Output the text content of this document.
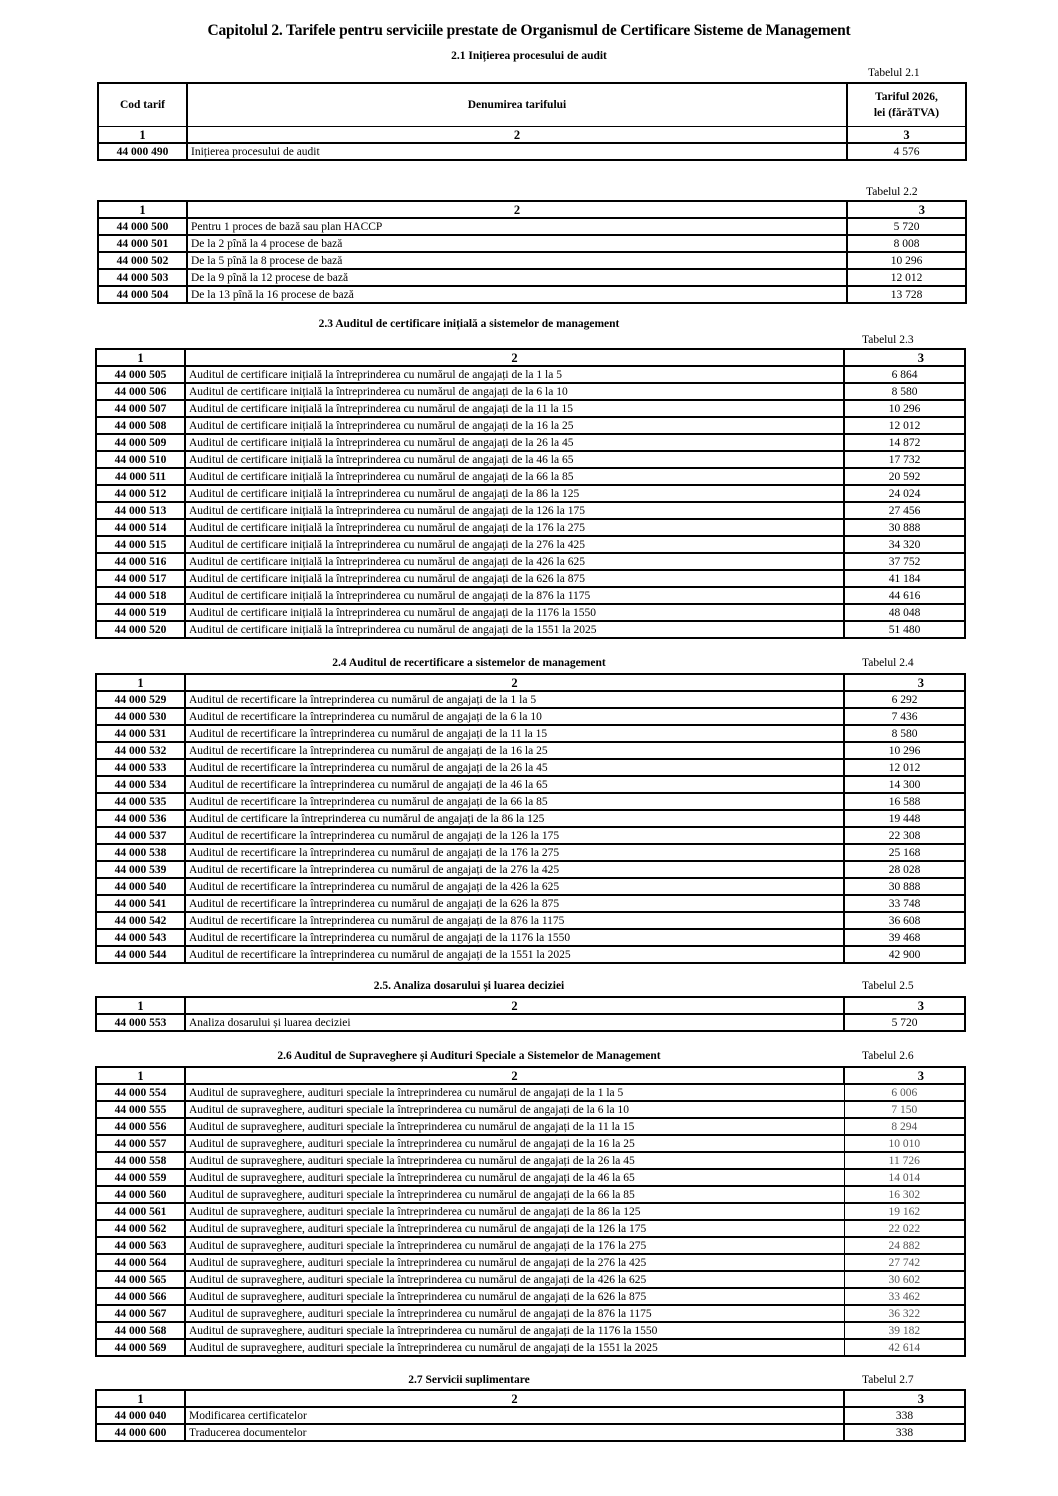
Capitolul 2. Tarifele pentru serviciile prestate de Organismul de Certificare Sisteme de Management
2.1 Inițierea procesului de audit
Tabelul 2.1
Cod tarif	Denumirea tarifului	Tariful 2026,
lei (fărăTVA)

1	2	3
44 000 490	Inițierea procesului de audit	4 576
Tabelul 2.2
1	2	3
44 000 500	Pentru 1 proces de bază sau plan HACCP	5 720
44 000 501	De la 2 pînă la 4 procese de bază	8 008
44 000 502	De la 5 pînă la 8 procese de bază	10 296
44 000 503	De la 9 pînă la 12 procese de bază	12 012
44 000 504	De la 13 pînă la 16 procese de bază	13 728
2.3 Auditul de certificare inițială a sistemelor de management
Tabelul 2.3
1	2	3
44 000 505	Auditul de certificare inițială la întreprinderea cu numărul de angajați de la 1 la 5	6 864
44 000 506	Auditul de certificare inițială la întreprinderea cu numărul de angajați de la 6 la 10	8 580
44 000 507	Auditul de certificare inițială la întreprinderea cu numărul de angajați de la 11 la 15	10 296
44 000 508	Auditul de certificare inițială la întreprinderea cu numărul de angajați de la 16 la 25	12 012
44 000 509	Auditul de certificare inițială la întreprinderea cu numărul de angajați de la 26 la 45	14 872
44 000 510	Auditul de certificare inițială la întreprinderea cu numărul de angajați de la 46 la 65	17 732
44 000 511	Auditul de certificare inițială la întreprinderea cu numărul de angajați de la 66 la 85	20 592
44 000 512	Auditul de certificare inițială la întreprinderea cu numărul de angajați de la 86 la 125	24 024
44 000 513	Auditul de certificare inițială la întreprinderea cu numărul de angajați de la 126 la 175	27 456
44 000 514	Auditul de certificare inițială la întreprinderea cu numărul de angajați de la 176 la 275	30 888
44 000 515	Auditul de certificare inițială la întreprinderea cu numărul de angajați de la 276 la 425	34 320
44 000 516	Auditul de certificare inițială la întreprinderea cu numărul de angajați de la 426 la 625	37 752
44 000 517	Auditul de certificare inițială la întreprinderea cu numărul de angajați de la 626 la 875	41 184
44 000 518	Auditul de certificare inițială la întreprinderea cu numărul de angajați de la 876 la 1175	44 616
44 000 519	Auditul de certificare inițială la întreprinderea cu numărul de angajați de la 1176 la 1550	48 048
44 000 520	Auditul de certificare inițială la întreprinderea cu numărul de angajați de la 1551 la 2025	51 480
2.4 Auditul de recertificare a sistemelor de management	Tabelul 2.4
1	2	3
44 000 529	Auditul de recertificare la întreprinderea cu numărul de angajați de la 1 la 5	6 292
44 000 530	Auditul de recertificare la întreprinderea cu numărul de angajați de la 6 la 10	7 436
44 000 531	Auditul de recertificare la întreprinderea cu numărul de angajați de la 11 la 15	8 580
44 000 532	Auditul de recertificare la întreprinderea cu numărul de angajați de la 16 la 25	10 296
44 000 533	Auditul de recertificare la întreprinderea cu numărul de angajați de la 26 la 45	12 012
44 000 534	Auditul de recertificare la întreprinderea cu numărul de angajați de la 46 la 65	14 300
44 000 535	Auditul de recertificare la întreprinderea cu numărul de angajați de la 66 la 85	16 588
44 000 536	Auditul de certificare la întreprinderea cu numărul de angajați de la 86 la 125	19 448
44 000 537	Auditul de recertificare la întreprinderea cu numărul de angajați de la 126 la 175	22 308
44 000 538	Auditul de recertificare la întreprinderea cu numărul de angajați de la 176 la 275	25 168
44 000 539	Auditul de recertificare la întreprinderea cu numărul de angajați de la 276 la 425	28 028
44 000 540	Auditul de recertificare la întreprinderea cu numărul de angajați de la 426 la 625	30 888
44 000 541	Auditul de recertificare la întreprinderea cu numărul de angajați de la 626 la 875	33 748
44 000 542	Auditul de recertificare la întreprinderea cu numărul de angajați de la 876 la 1175	36 608
44 000 543	Auditul de recertificare la întreprinderea cu numărul de angajați de la 1176 la 1550	39 468
44 000 544	Auditul de recertificare la întreprinderea cu numărul de angajați de la 1551 la 2025	42 900
2.5. Analiza dosarului și luarea deciziei	Tabelul 2.5
1	2	3
44 000 553	Analiza dosarului și luarea deciziei	5 720
2.6 Auditul de Supraveghere și Audituri Speciale a Sistemelor de Management	Tabelul 2.6
1	2	3
44 000 554	Auditul de supraveghere, audituri speciale la întreprinderea cu numărul de angajați de la 1 la 5	6 006
44 000 555	Auditul de supraveghere, audituri speciale la întreprinderea cu numărul de angajați de la 6 la 10	7 150
44 000 556	Auditul de supraveghere, audituri speciale la întreprinderea cu numărul de angajați de la 11 la 15	8 294
44 000 557	Auditul de supraveghere, audituri speciale la întreprinderea cu numărul de angajați de la 16 la 25	10 010
44 000 558	Auditul de supraveghere, audituri speciale la întreprinderea cu numărul de angajați de la 26 la 45	11 726
44 000 559	Auditul de supraveghere, audituri speciale la întreprinderea cu numărul de angajați de la 46 la 65	14 014
44 000 560	Auditul de supraveghere, audituri speciale la întreprinderea cu numărul de angajați de la 66 la 85	16 302
44 000 561	Auditul de supraveghere, audituri speciale la întreprinderea cu numărul de angajați de la 86 la 125	19 162
44 000 562	Auditul de supraveghere, audituri speciale la întreprinderea cu numărul de angajați de la 126 la 175	22 022
44 000 563	Auditul de supraveghere, audituri speciale la întreprinderea cu numărul de angajați de la 176 la 275	24 882
44 000 564	Auditul de supraveghere, audituri speciale la întreprinderea cu numărul de angajați de la 276 la 425	27 742
44 000 565	Auditul de supraveghere, audituri speciale la întreprinderea cu numărul de angajați de la 426 la 625	30 602
44 000 566	Auditul de supraveghere, audituri speciale la întreprinderea cu numărul de angajați de la 626 la 875	33 462
44 000 567	Auditul de supraveghere, audituri speciale la întreprinderea cu numărul de angajați de la 876 la 1175	36 322
44 000 568	Auditul de supraveghere, audituri speciale la întreprinderea cu numărul de angajați de la 1176 la 1550	39 182
44 000 569	Auditul de supraveghere, audituri speciale la întreprinderea cu numărul de angajați de la 1551 la 2025	42 614
2.7 Servicii suplimentare	Tabelul 2.7
1	2	3
44 000 040	Modificarea certificatelor	338
44 000 600	Traducerea documentelor	338
